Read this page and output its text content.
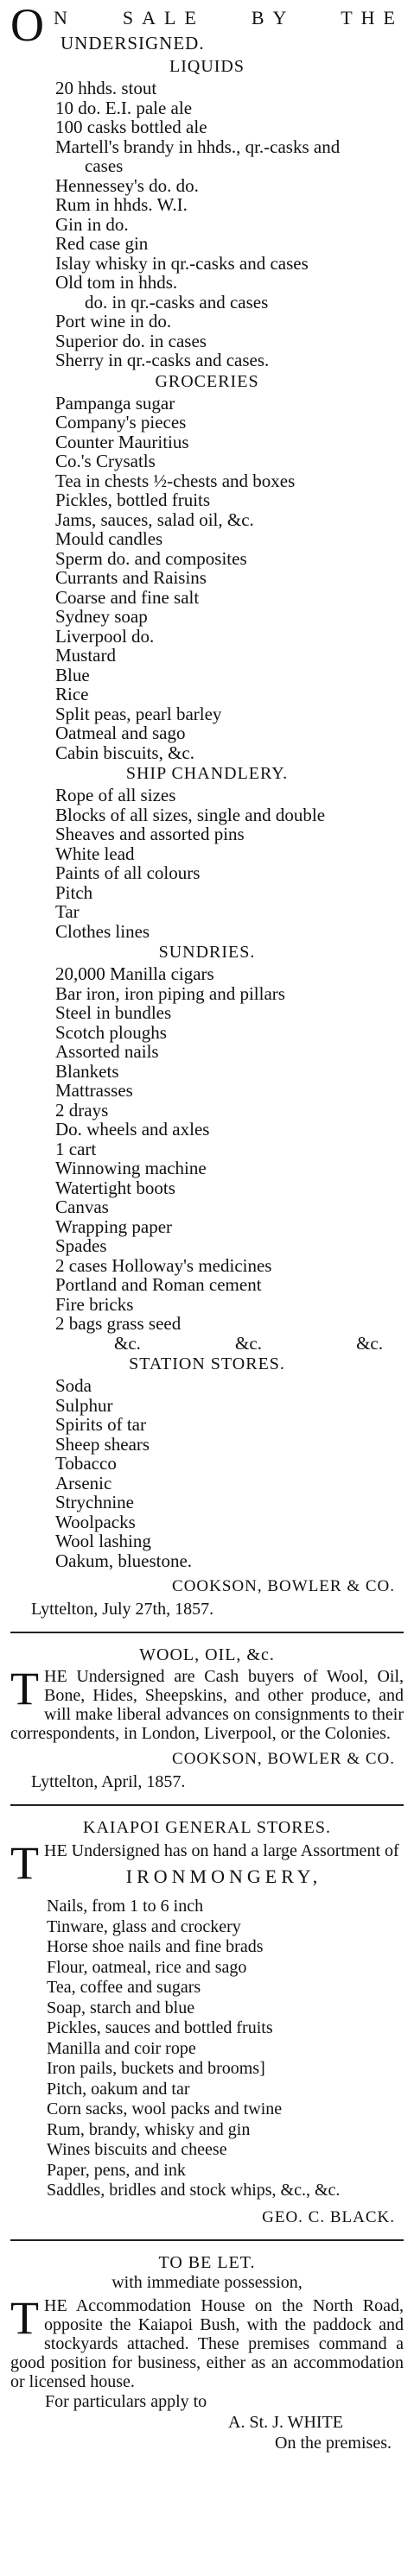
O N SALE BY THE
UNDERSIGNED.
LIQUIDS
20 hhds. stout
10 do. E.I. pale ale
100 casks bottled ale
Martell's brandy in hhds., qr.-casks and
cases
Hennessey's do. do.
Rum in hhds. W.I.
Gin in do.
Red case gin
Islay whisky in qr.-casks and cases
Old tom in hhds.
do. in qr.-casks and cases
Port wine in do.
Superior do. in cases
Sherry in qr.-casks and cases.
GROCERIES
Pampanga sugar
Company's pieces
Counter Mauritius
Co.'s Crysatls
Tea in chests ½-chests and boxes
Pickles, bottled fruits
Jams, sauces, salad oil, &c.
Mould candles
Sperm do. and composites
Currants and Raisins
Coarse and fine salt
Sydney soap
Liverpool do.
Mustard
Blue
Rice
Split peas, pearl barley
Oatmeal and sago
Cabin biscuits, &c.
SHIP CHANDLERY.
Rope of all sizes
Blocks of all sizes, single and double
Sheaves and assorted pins
White lead
Paints of all colours
Pitch
Tar
Clothes lines
SUNDRIES.
20,000 Manilla cigars
Bar iron, iron piping and pillars
Steel in bundles
Scotch ploughs
Assorted nails
Blankets
Mattrasses
2 drays
Do. wheels and axles
1 cart
Winnowing machine
Watertight boots
Canvas
Wrapping paper
Spades
2 cases Holloway's medicines
Portland and Roman cement
Fire bricks
2 bags grass seed
&c.	&c.	&c.
STATION STORES.
Soda
Sulphur
Spirits of tar
Sheep shears
Tobacco
Arsenic
Strychnine
Woolpacks
Wool lashing
Oakum, bluestone.
COOKSON, BOWLER & CO.
Lyttelton, July 27th, 1857.
WOOL, OIL, &c.
T HE Undersigned are Cash buyers of Wool, Oil, Bone, Hides, Sheepskins, and other produce, and will make liberal advances on consignments to their correspondents, in London, Liverpool, or the Colonies.
COOKSON, BOWLER & CO.
Lyttelton, April, 1857.
KAIAPOI GENERAL STORES.
T HE Undersigned has on hand a large Assortment of
IRONMONGERY,
Nails, from 1 to 6 inch
Tinware, glass and crockery
Horse shoe nails and fine brads
Flour, oatmeal, rice and sago
Tea, coffee and sugars
Soap, starch and blue
Pickles, sauces and bottled fruits
Manilla and coir rope
Iron pails, buckets and brooms]
Pitch, oakum and tar
Corn sacks, wool packs and twine
Rum, brandy, whisky and gin
Wines biscuits and cheese
Paper, pens, and ink
Saddles, bridles and stock whips, &c., &c.
GEO. C. BLACK.
TO BE LET.
with immediate possession,
T HE Accommodation House on the North Road, opposite the Kaiapoi Bush, with the paddock and stockyards attached. These premises command a good position for business, either as an accommodation or licensed house.
For particulars apply to
A. St. J. WHITE
On the premises.
